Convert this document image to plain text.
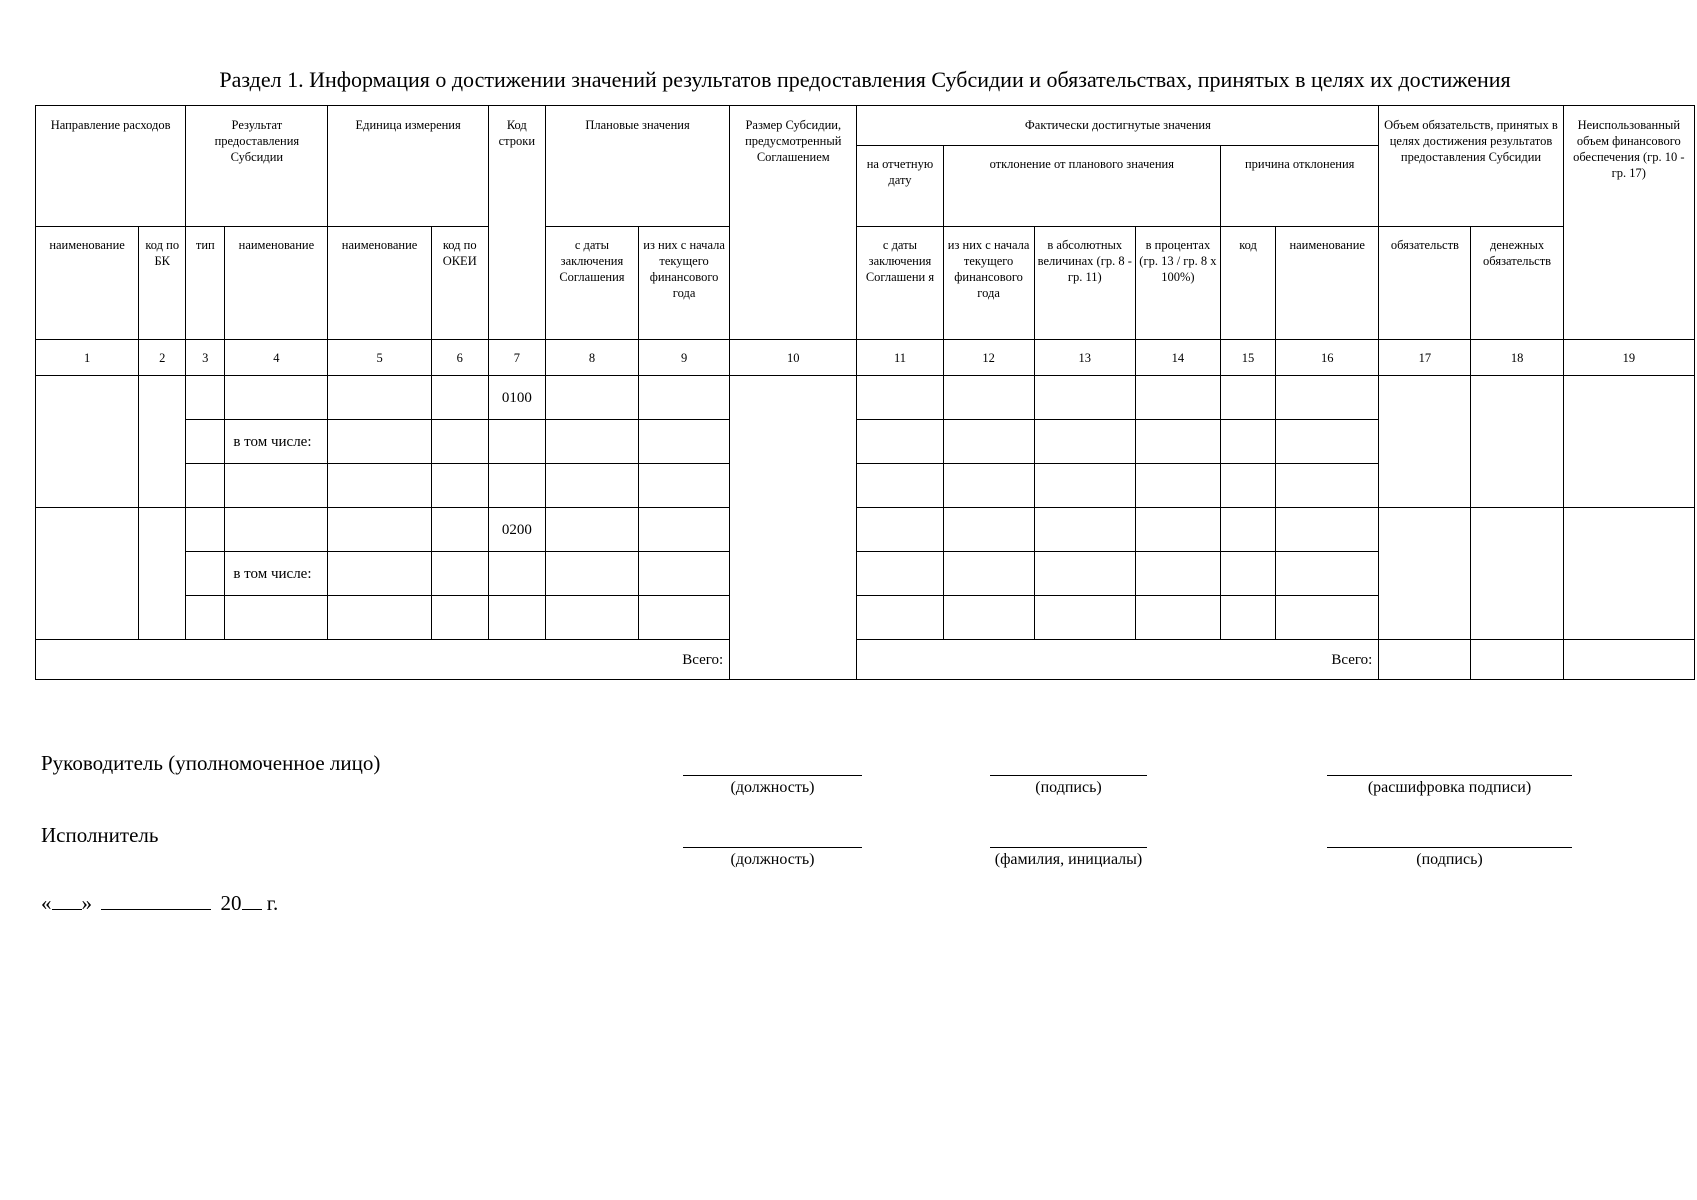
Раздел 1. Информация о достижении значений результатов предоставления Субсидии и обязательствах, принятых в целях их достижения
Направление расходов		Результат предоставления Субсидии		Единица измерения		Код строки	Плановые значения		Размер Субсидии, предусмотренный Соглашением	Фактически достигнутые значения						Объем обязательств, принятых в целях достижения результатов предоставления Субсидии		Неиспользованный объем финансового обеспечения (гр. 10 - гр. 17)
										на отчетную дату	отклонение от планового значения			причина отклонения				
наименование	код по БК	тип	наименование	наименование	код по ОКЕИ		с даты заключения Соглашения	из них с начала текущего финансового года		с даты заключения Соглашени я	из них с начала текущего финансового года	в абсолютных величинах (гр. 8 - гр. 11)	в процентах (гр. 13 / гр. 8 x 100%)	код	наименование	обязательств	денежных обязательств	
1	2	3	4	5	6	7	8	9	10	11	12	13	14	15	16	17	18	19
						0100												
			в том числе:															

						0200												
			в том числе:															

Всего:										Всего:								
Руководитель (уполномоченное лицо)
(должность)	(подпись)	(расшифровка подписи)
Исполнитель
(должность)	(фамилия, инициалы)	(подпись)
« »	20 г.
